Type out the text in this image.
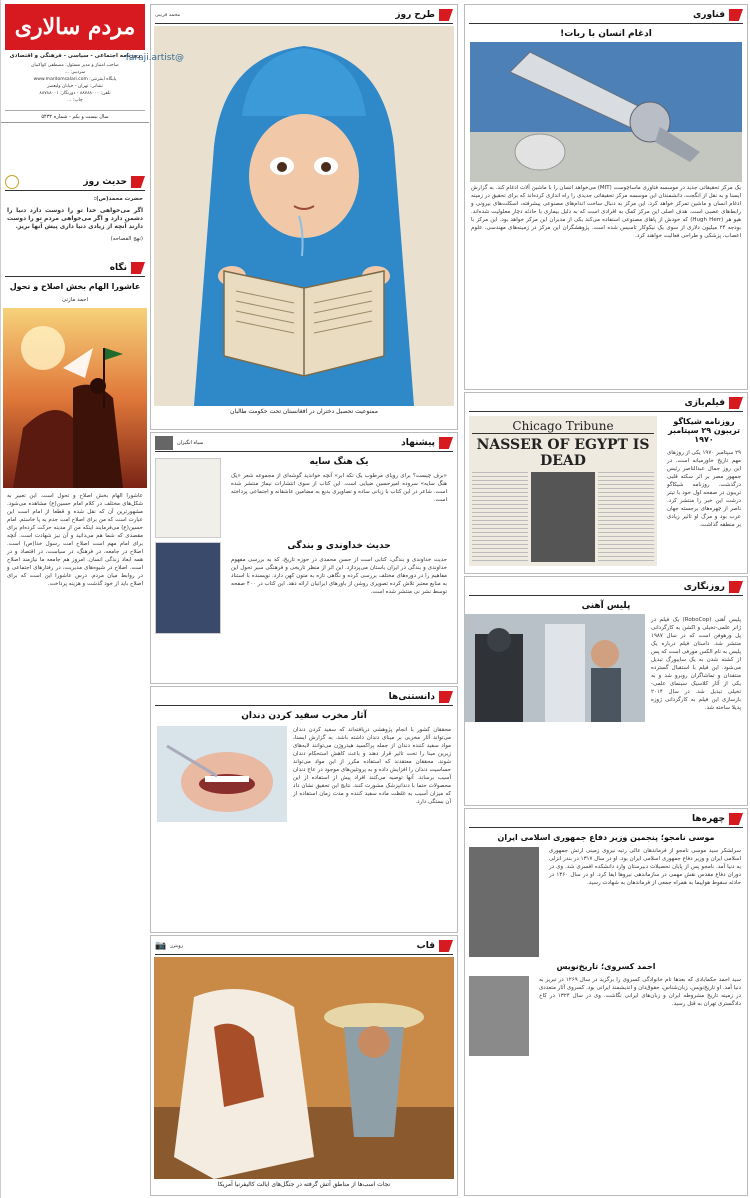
مردم سالاری
روزنامه اجتماعی - سیاسی - فرهنگی و اقتصادی
صاحب امتیاز و مدیر مسئول: مصطفی کواکبیان
سردبیر: ...
پایگاه اینترنتی: www.mardomsalari.com
نشانی: تهران - خیابان ولیعصر
تلفن: ۸۸۷۸۸۰۰۰ - دورنگار: ۸۸۷۸۸۰۰۱
چاپ: ...
سال بیست و یکم - شماره ۵۴۳۲
حدیث روز
حضرت محمد(ص):
اگر می‌خواهی خدا تو را دوست دارد دنیا را دشمن دارد و اگر می‌خواهی مردم تو را دوست دارند آنچه از زیادی دنیا داری پیش آنها بریز.
(نهج الفصاحه)
نگاه
عاشورا الهام بخش اصلاح و تحول
احمد مازنی
عاشورا الهام بخش اصلاح و تحول است. این تعبیر به شکل‌های مختلف در کلام امام حسین(ع) مشاهده می‌شود. مشهورترین آن که نقل شده و قطعا از امام است این عبارت است که من برای اصلاح امت جدم به پا خاستم. امام حسین(ع) می‌فرمایند اینکه من از مدینه حرکت کرده‌ام برای مقصدی که شما هم می‌دانید و آن نیز شهادت است. آنچه برای امام مهم است اصلاح امت رسول خدا(ص) است. اصلاح در جامعه، در فرهنگ، در سیاست، در اقتصاد و در همه ابعاد زندگی انسان. امروز هم جامعه ما نیازمند اصلاح است. اصلاح در شیوه‌های مدیریت، در رفتارهای اجتماعی و در روابط میان مردم. درس عاشورا این است که برای اصلاح باید از خود گذشت و هزینه پرداخت.
طرح روز
محمد قریبی
@faraji.artist
ممنوعیت تحصیل دختران در افغانستان تحت حکومت طالبان
پیشنهاد
سیاه انگیزان
یک هنگ سایه
«برف چیست؟ برای رویای مرطوب یک تکه ابر» آنچه خواندید گوشه‌ای از مجموعه شعر «یک هنگ سایه» سروده امیرحسین ضیایی است. این کتاب از سوی انتشارات نیماژ منتشر شده است. شاعر در این کتاب با زبانی ساده و تصاویری بدیع به مضامین عاشقانه و اجتماعی پرداخته است.
حدیث خداوندی و بندگی
حدیث خداوندی و بندگی، کتابی است از حسن محمدی در حوزه تاریخ، که به بررسی مفهوم خداوندی و بندگی در ایران باستان می‌پردازد. این اثر از منظر تاریخی و فرهنگی سیر تحول این مفاهیم را در دوره‌های مختلف بررسی کرده و نگاهی تازه به متون کهن دارد. نویسنده با استناد به منابع معتبر تلاش کرده تصویری روشن از باورهای ایرانیان ارائه دهد. این کتاب در ۴۰۰ صفحه توسط نشر نی منتشر شده است.
دانستنی‌ها
آثار مخرب سفید کردن دندان
محققان کشور با انجام پژوهشی دریافته‌اند که سفید کردن دندان می‌تواند آثار مخربی بر مینای دندان داشته باشد. به گزارش ایسنا، مواد سفید کننده دندان از جمله پراکسید هیدروژن می‌توانند لایه‌های زیرین مینا را تحت تاثیر قرار دهند و باعث کاهش استحکام دندان شوند. محققان معتقدند که استفاده مکرر از این مواد می‌تواند حساسیت دندان را افزایش داده و به پروتئین‌های موجود در عاج دندان آسیب برساند. آنها توصیه می‌کنند افراد پیش از استفاده از این محصولات حتما با دندانپزشک مشورت کنند. نتایج این تحقیق نشان داد که میزان آسیب به غلظت ماده سفید کننده و مدت زمان استفاده از آن بستگی دارد.
قاب
رویترز
📷
نجات اسب‌ها از مناطق آتش گرفته در جنگل‌های ایالت کالیفرنیا آمریکا
فناوری
ادغام انسان با ربات!
یک مرکز تحقیقاتی جدید در موسسه فناوری ماساچوست (MIT) می‌خواهد انسان را با ماشین آلات ادغام کند. به گزارش ایسنا و به نقل از انگجت، دانشمندان این موسسه مرکز تحقیقاتی جدیدی را راه اندازی کرده‌اند که برای تحقیق در زمینه ادغام انسان و ماشین تمرکز خواهد کرد. این مرکز به دنبال ساخت اندام‌های مصنوعی پیشرفته، اسکلت‌های بیرونی و رابط‌های عصبی است. هدف اصلی این مرکز کمک به افرادی است که به دلیل بیماری یا حادثه دچار معلولیت شده‌اند. هیو هر (Hugh Herr) که خودش از پاهای مصنوعی استفاده می‌کند یکی از مدیران این مرکز خواهد بود. این مرکز با بودجه ۲۴ میلیون دلاری از سوی یک نیکوکار تاسیس شده است. پژوهشگران این مرکز در زمینه‌های مهندسی، علوم اعصاب، پزشکی و طراحی فعالیت خواهند کرد.
فیلم‌بازی
روزنامه شیکاگو تریبون ۲۹ سپتامبر ۱۹۷۰
۲۹ سپتامبر ۱۹۷۰ یکی از روزهای مهم تاریخ خاورمیانه است. در این روز جمال عبدالناصر رئیس جمهور مصر بر اثر سکته قلبی درگذشت. روزنامه شیکاگو تریبون در صفحه اول خود با تیتر درشت این خبر را منتشر کرد. ناصر از چهره‌های برجسته جهان عرب بود و مرگ او تاثیر زیادی بر منطقه گذاشت.
Chicago Tribune
NASSER OF EGYPT IS DEAD
روزنگاری
پلیس آهنی
پلیس آهنی (RoboCop) یک فیلم در ژانر علمی-تخیلی و اکشن به کارگردانی پل ورهوفن است که در سال ۱۹۸۷ منتشر شد. داستان فیلم درباره یک پلیس به نام الکس مورفی است که پس از کشته شدن به یک سایبورگ تبدیل می‌شود. این فیلم با استقبال گسترده منتقدان و تماشاگران روبرو شد و به یکی از آثار کلاسیک سینمای علمی-تخیلی تبدیل شد. در سال ۲۰۱۴ بازسازی این فیلم به کارگردانی ژوزه پدیلا ساخته شد.
چهره‌ها
موسی نامجو؛ پنجمین وزیر دفاع جمهوری اسلامی ایران
سرلشکر سید موسی نامجو از فرماندهان عالی رتبه نیروی زمینی ارتش جمهوری اسلامی ایران و وزیر دفاع جمهوری اسلامی ایران بود. او در سال ۱۳۱۷ در بندر انزلی به دنیا آمد. نامجو پس از پایان تحصیلات دبیرستان وارد دانشکده افسری شد. وی در دوران دفاع مقدس نقش مهمی در سازماندهی نیروها ایفا کرد. او در سال ۱۳۶۰ در حادثه سقوط هواپیما به همراه جمعی از فرماندهان به شهادت رسید.
احمد کسروی؛ تاریخ‌نویس
سید احمد حکمابادی که بعدها نام خانوادگی کسروی را برگزید در سال ۱۲۶۹ در تبریز به دنیا آمد. او تاریخ‌نویس، زبان‌شناس، حقوق‌دان و اندیشمند ایرانی بود. کسروی آثار متعددی در زمینه تاریخ مشروطه ایران و زبان‌های ایرانی نگاشت. وی در سال ۱۳۲۴ در کاخ دادگستری تهران به قتل رسید.
